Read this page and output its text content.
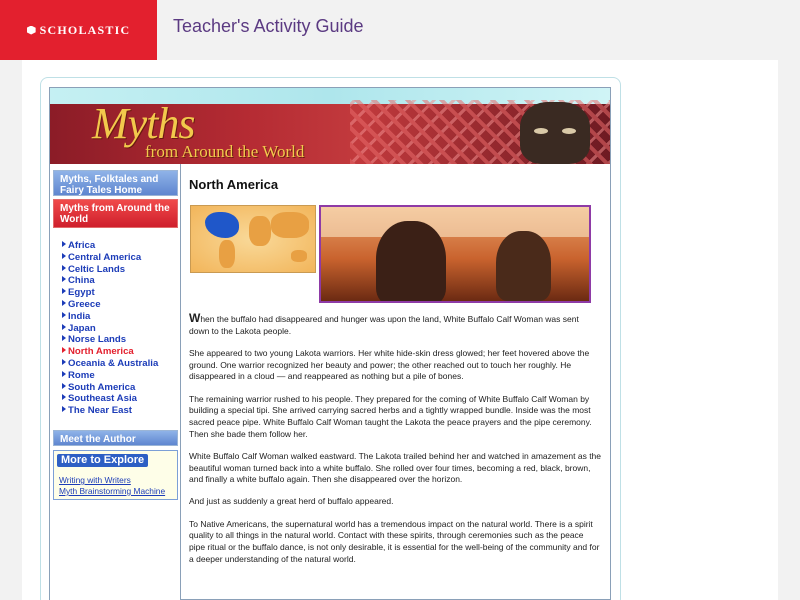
SCHOLASTIC Teacher's Activity Guide
Myths
from Around the World
Myths, Folktales and Fairy Tales Home
Myths from Around the World
Africa
Central America
Celtic Lands
China
Egypt
Greece
India
Japan
Norse Lands
North America
Oceania & Australia
Rome
South America
Southeast Asia
The Near East
Meet the Author
More to Explore
Writing with Writers
Myth Brainstorming Machine
North America

When the buffalo had disappeared and hunger was upon the land, White Buffalo Calf Woman was sent down to the Lakota people.

She appeared to two young Lakota warriors. Her white hide-skin dress glowed; her feet hovered above the ground. One warrior recognized her beauty and power; the other reached out to touch her roughly. He disappeared in a cloud — and reappeared as nothing but a pile of bones.

The remaining warrior rushed to his people. They prepared for the coming of White Buffalo Calf Woman by building a special tipi. She arrived carrying sacred herbs and a tightly wrapped bundle. Inside was the most sacred peace pipe. White Buffalo Calf Woman taught the Lakota the peace prayers and the pipe ceremony. Then she bade them follow her.

White Buffalo Calf Woman walked eastward. The Lakota trailed behind her and watched in amazement as the beautiful woman turned back into a white buffalo. She rolled over four times, becoming a red, black, brown, and finally a white buffalo again. Then she disappeared over the horizon.

And just as suddenly a great herd of buffalo appeared.

To Native Americans, the supernatural world has a tremendous impact on the natural world. There is a spirit quality to all things in the natural world. Contact with these spirits, through ceremonies such as the peace pipe ritual or the buffalo dance, is not only desirable, it is essential for the well-being of the community and for a deeper understanding of the natural world.
